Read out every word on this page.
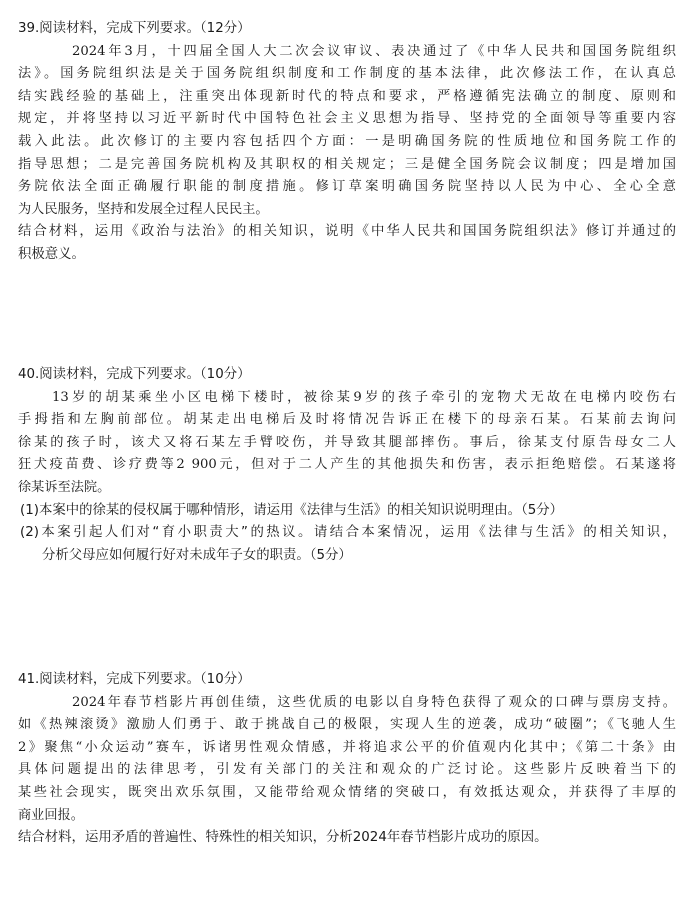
39.阅读材料，完成下列要求。（12分）
2024年3月，十四届全国人大二次会议审议、表决通过了《中华人民共和国国务院组织
法》。国务院组织法是关于国务院组织制度和工作制度的基本法律，此次修法工作，在认真总
结实践经验的基础上，注重突出体现新时代的特点和要求，严格遵循宪法确立的制度、原则和
规定，并将坚持以习近平新时代中国特色社会主义思想为指导、坚持党的全面领导等重要内容
载入此法。此次修订的主要内容包括四个方面：一是明确国务院的性质地位和国务院工作的
指导思想；二是完善国务院机构及其职权的相关规定；三是健全国务院会议制度；四是增加国
务院依法全面正确履行职能的制度措施。修订草案明确国务院坚持以人民为中心、全心全意
为人民服务，坚持和发展全过程人民民主。
结合材料，运用《政治与法治》的相关知识，说明《中华人民共和国国务院组织法》修订并通过的
积极意义。
40.阅读材料，完成下列要求。（10分）
13岁的胡某乘坐小区电梯下楼时，被徐某9岁的孩子牵引的宠物犬无故在电梯内咬伤右
手拇指和左胸前部位。胡某走出电梯后及时将情况告诉正在楼下的母亲石某。石某前去询问
徐某的孩子时，该犬又将石某左手臂咬伤，并导致其腿部摔伤。事后，徐某支付原告母女二人
狂犬疫苗费、诊疗费等2 900元，但对于二人产生的其他损失和伤害，表示拒绝赔偿。石某遂将
徐某诉至法院。
(1)本案中的徐某的侵权属于哪种情形，请运用《法律与生活》的相关知识说明理由。（5分）
(2)本案引起人们对“育小职责大”的热议。请结合本案情况，运用《法律与生活》的相关知识，
分析父母应如何履行好对未成年子女的职责。（5分）
41.阅读材料，完成下列要求。（10分）
2024年春节档影片再创佳绩，这些优质的电影以自身特色获得了观众的口碑与票房支持。
如《热辣滚烫》激励人们勇于、敢于挑战自己的极限，实现人生的逆袭，成功“破圈”；《飞驰人生
2》聚焦“小众运动”赛车，诉诸男性观众情感，并将追求公平的价值观内化其中；《第二十条》由
具体问题提出的法律思考，引发有关部门的关注和观众的广泛讨论。这些影片反映着当下的
某些社会现实，既突出欢乐氛围，又能带给观众情绪的突破口，有效抵达观众，并获得了丰厚的
商业回报。
结合材料，运用矛盾的普遍性、特殊性的相关知识，分析2024年春节档影片成功的原因。
